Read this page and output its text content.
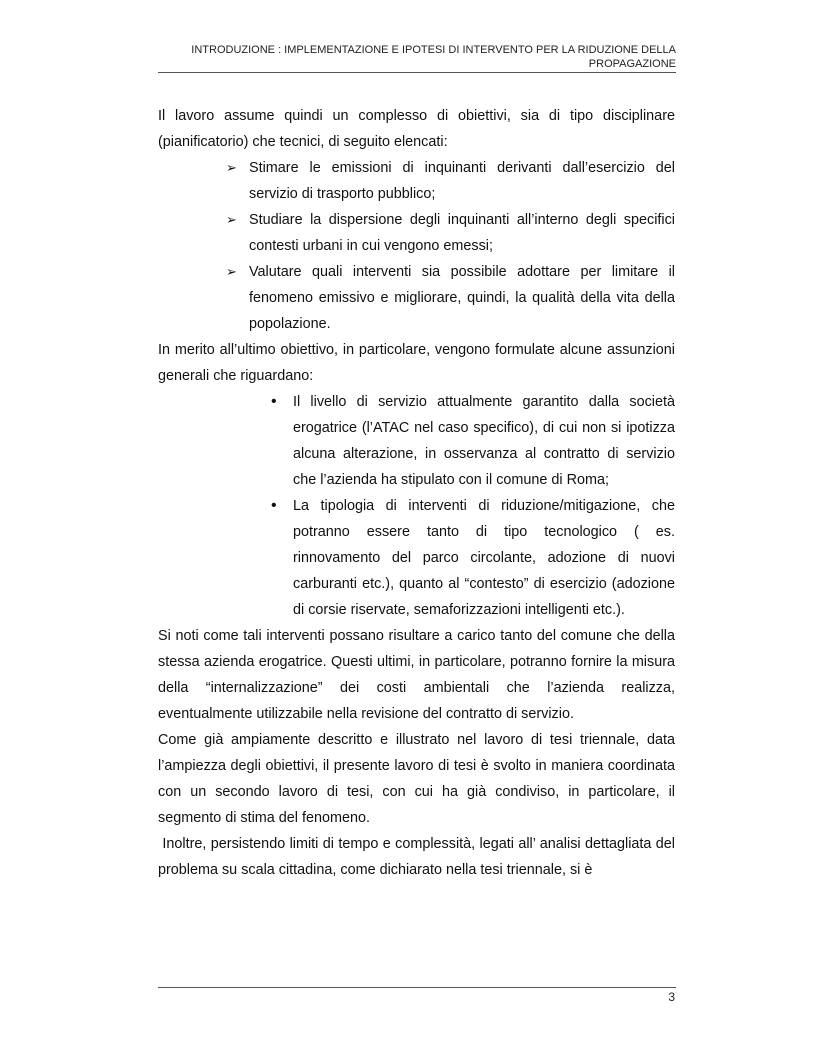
INTRODUZIONE : IMPLEMENTAZIONE E IPOTESI DI INTERVENTO PER LA RIDUZIONE DELLA PROPAGAZIONE

Il lavoro assume quindi un complesso di obiettivi, sia di tipo disciplinare (pianificatorio) che tecnici, di seguito elencati:

➢ Stimare le emissioni di inquinanti derivanti dall’esercizio del servizio di trasporto pubblico;
➢ Studiare la dispersione degli inquinanti all’interno degli specifici contesti urbani in cui vengono emessi;
➢ Valutare quali interventi sia possibile adottare per limitare il fenomeno emissivo e migliorare, quindi, la qualità della vita della popolazione.

In merito all’ultimo obiettivo, in particolare, vengono formulate alcune assunzioni generali che riguardano:

• Il livello di servizio attualmente garantito dalla società erogatrice (l’ATAC nel caso specifico), di cui non si ipotizza alcuna alterazione, in osservanza al contratto di servizio che l’azienda ha stipulato con il comune di Roma;
• La tipologia di interventi di riduzione/mitigazione, che potranno essere tanto di tipo tecnologico ( es. rinnovamento del parco circolante, adozione di nuovi carburanti etc.), quanto al “contesto” di esercizio (adozione di corsie riservate, semaforizzazioni intelligenti etc.).

Si noti come tali interventi possano risultare a carico tanto del comune che della stessa azienda erogatrice. Questi ultimi, in particolare, potranno fornire la misura della “internalizzazione” dei costi ambientali che l’azienda realizza, eventualmente utilizzabile nella revisione del contratto di servizio.

Come già ampiamente descritto e illustrato nel lavoro di tesi triennale, data l’ampiezza degli obiettivi, il presente lavoro di tesi è svolto in maniera coordinata con un secondo lavoro di tesi, con cui ha già condiviso, in particolare, il segmento di stima del fenomeno.

Inoltre, persistendo limiti di tempo e complessità, legati all’ analisi dettagliata del problema su scala cittadina, come dichiarato nella tesi triennale, si è

3
